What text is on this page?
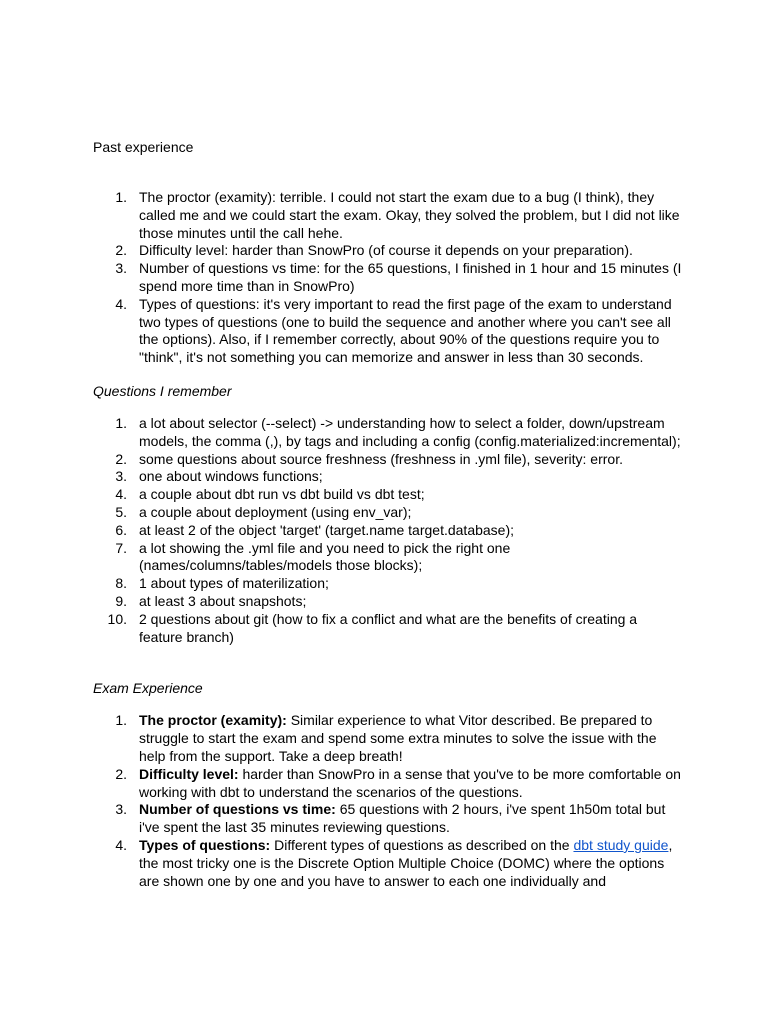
Past experience

1. The proctor (examity): terrible. I could not start the exam due to a bug (I think), they called me and we could start the exam. Okay, they solved the problem, but I did not like those minutes until the call hehe.
2. Difficulty level: harder than SnowPro (of course it depends on your preparation).
3. Number of questions vs time: for the 65 questions, I finished in 1 hour and 15 minutes (I spend more time than in SnowPro)
4. Types of questions: it's very important to read the first page of the exam to understand two types of questions (one to build the sequence and another where you can't see all the options). Also, if I remember correctly, about 90% of the questions require you to "think", it's not something you can memorize and answer in less than 30 seconds.

Questions I remember

1. a lot about selector (--select) -> understanding how to select a folder, down/upstream models, the comma (,), by tags and including a config (config.materialized:incremental);
2. some questions about source freshness (freshness in .yml file), severity: error.
3. one about windows functions;
4. a couple about dbt run vs dbt build vs dbt test;
5. a couple about deployment (using env_var);
6. at least 2 of the object 'target' (target.name target.database);
7. a lot showing the .yml file and you need to pick the right one (names/columns/tables/models those blocks);
8. 1 about types of materilization;
9. at least 3 about snapshots;
10. 2 questions about git (how to fix a conflict and what are the benefits of creating a feature branch)

Exam Experience

1. The proctor (examity): Similar experience to what Vitor described. Be prepared to struggle to start the exam and spend some extra minutes to solve the issue with the help from the support. Take a deep breath!
2. Difficulty level: harder than SnowPro in a sense that you've to be more comfortable on working with dbt to understand the scenarios of the questions.
3. Number of questions vs time: 65 questions with 2 hours, i've spent 1h50m total but i've spent the last 35 minutes reviewing questions.
4. Types of questions: Different types of questions as described on the dbt study guide, the most tricky one is the Discrete Option Multiple Choice (DOMC) where the options are shown one by one and you have to answer to each one individually and
